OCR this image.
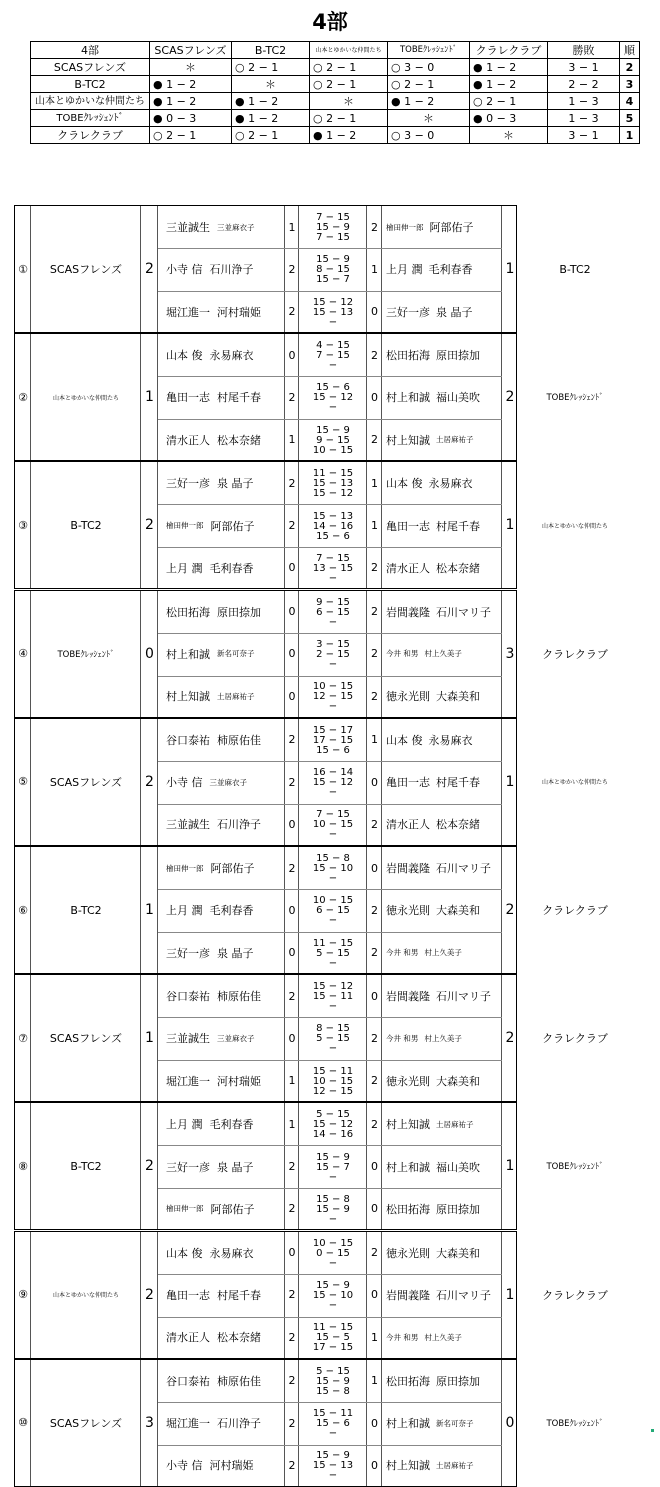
4部
4部	SCASフレンズ	B-TC2	山本とゆかいな仲間たち	TOBEｸﾚｯｼｪﾝﾄﾞ	クラレクラブ	勝敗	順
SCASフレンズ	＊	○ 2 − 1	○ 2 − 1	○ 3 − 0	● 1 − 2	3 − 1	2
B-TC2	● 1 − 2	＊	○ 2 − 1	○ 2 − 1	● 1 − 2	2 − 2	3
山本とゆかいな仲間たち	● 1 − 2	● 1 − 2	＊	● 1 − 2	○ 2 − 1	1 − 3	4
TOBEｸﾚｯｼｪﾝﾄﾞ	● 0 − 3	● 1 − 2	○ 2 − 1	＊	● 0 − 3	1 − 3	5
クラレクラブ	○ 2 − 1	○ 2 − 1	● 1 − 2	○ 3 − 0	＊	3 − 1	1
①	SCASフレンズ	2	1	B-TC2
三並誠生 三並麻衣子	1
7 − 15
15 − 9
7 − 15
2	檜田伸一郎 阿部佑子
小寺 信 石川浄子	2
15 − 9
8 − 15
15 − 7
1 上月 潤 毛利春香
堀江進一 河村瑞姫	2
15 − 12
15 − 13
−
0 三好一彦 泉 晶子
②	山本とゆかいな仲間たち	1	2	TOBEｸﾚｯｼｪﾝﾄﾞ
山本 俊 永易麻衣	0
4 − 15
7 − 15
−
2 松田拓海 原田捺加
亀田一志 村尾千春	2
15 − 6
15 − 12
−
0 村上和誠 福山美吹
清水正人 松本奈緒	1
15 − 9
9 − 15
10 − 15
2 村上知誠 土居麻祐子
③	B-TC2	2	1	山本とゆかいな仲間たち
三好一彦 泉 晶子	2
11 − 15
15 − 13
15 − 12
1 山本 俊 永易麻衣
檜田伸一郎 阿部佑子	2
15 − 13
14 − 16
15 − 6
1 亀田一志 村尾千春
上月 潤 毛利春香	0
7 − 15
13 − 15
−
2 清水正人 松本奈緒
④	TOBEｸﾚｯｼｪﾝﾄﾞ	0	3	クラレクラブ
松田拓海 原田捺加	0
9 − 15
6 − 15
−
2 岩間義隆 石川マリ子
村上和誠 新名可奈子	0
3 − 15
2 − 15
−
2	今井 和男 村上久美子
村上知誠 土居麻祐子	0
10 − 15
12 − 15
−
2 徳永光則 大森美和
⑤	SCASフレンズ	2	1	山本とゆかいな仲間たち
谷口泰祐 柿原佑佳	2
15 − 17
17 − 15
15 − 6
1 山本 俊 永易麻衣
小寺 信 三並麻衣子	2
16 − 14
15 − 12
−
0 亀田一志 村尾千春
三並誠生 石川浄子	0
7 − 15
10 − 15
−
2 清水正人 松本奈緒
⑥	B-TC2	1	2	クラレクラブ
檜田伸一郎 阿部佑子	2
15 − 8
15 − 10
−
0 岩間義隆 石川マリ子
上月 潤 毛利春香	0
10 − 15
6 − 15
−
2 徳永光則 大森美和
三好一彦 泉 晶子	0
11 − 15
5 − 15
−
2	今井 和男 村上久美子
⑦	SCASフレンズ	1	2	クラレクラブ
谷口泰祐 柿原佑佳	2
15 − 12
15 − 11
−
0 岩間義隆 石川マリ子
三並誠生 三並麻衣子	0
8 − 15
5 − 15
−
2	今井 和男 村上久美子
堀江進一 河村瑞姫	1
15 − 11
10 − 15
12 − 15
2 徳永光則 大森美和
⑧	B-TC2	2	1	TOBEｸﾚｯｼｪﾝﾄﾞ
上月 潤 毛利春香	1
5 − 15
15 − 12
14 − 16
2 村上知誠 土居麻祐子
三好一彦 泉 晶子	2
15 − 9
15 − 7
−
0 村上和誠 福山美吹
檜田伸一郎 阿部佑子	2
15 − 8
15 − 9
−
0 松田拓海 原田捺加
⑨	山本とゆかいな仲間たち	2	1	クラレクラブ
山本 俊 永易麻衣	0
10 − 15
0 − 15
−
2 徳永光則 大森美和
亀田一志 村尾千春	2
15 − 9
15 − 10
−
0 岩間義隆 石川マリ子
清水正人 松本奈緒	2
11 − 15
15 − 5
17 − 15
1	今井 和男 村上久美子
⑩	SCASフレンズ	3	0	TOBEｸﾚｯｼｪﾝﾄﾞ
谷口泰祐 柿原佑佳	2
5 − 15
15 − 9
15 − 8
1 松田拓海 原田捺加
堀江進一 石川浄子	2
15 − 11
15 − 6
−
0 村上和誠 新名可奈子
小寺 信 河村瑞姫	2
15 − 9
15 − 13
−
0 村上知誠 土居麻祐子
